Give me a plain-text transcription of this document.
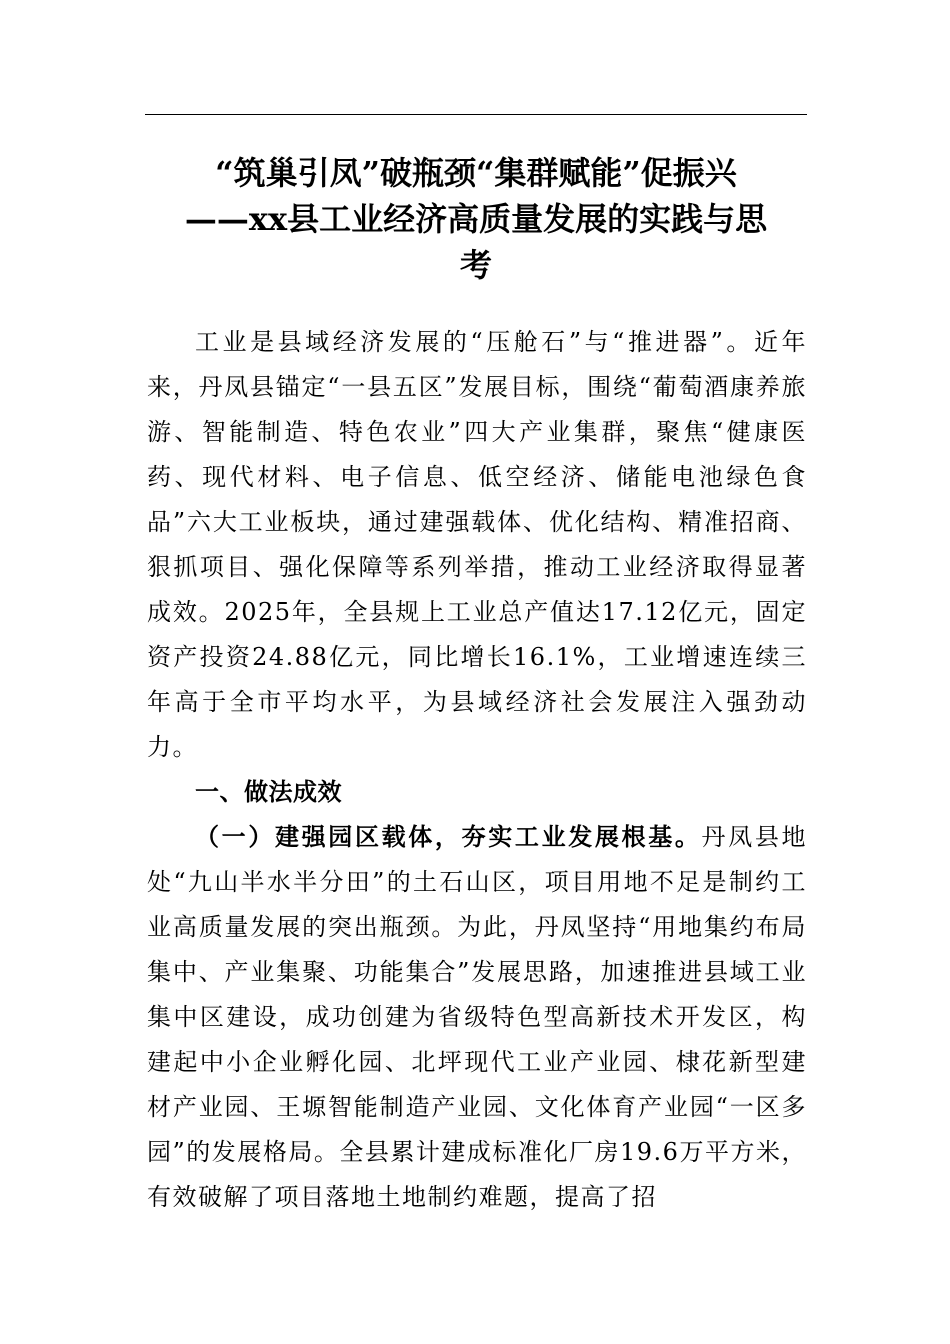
“筑巢引凤”破瓶颈“集群赋能”促振兴
——xx县工业经济高质量发展的实践与思
考

工业是县域经济发展的“压舱石”与“推进器”。近年来，丹凤县锚定“一县五区”发展目标，围绕“葡萄酒康养旅游、智能制造、特色农业”四大产业集群，聚焦“健康医药、现代材料、电子信息、低空经济、储能电池绿色食品”六大工业板块，通过建强载体、优化结构、精准招商、狠抓项目、强化保障等系列举措，推动工业经济取得显著成效。2025年，全县规上工业总产值达17.12亿元，固定资产投资24.88亿元，同比增长16.1%，工业增速连续三年高于全市平均水平，为县域经济社会发展注入强劲动力。

一、做法成效

（一）建强园区载体，夯实工业发展根基。丹凤县地处“九山半水半分田”的土石山区，项目用地不足是制约工业高质量发展的突出瓶颈。为此，丹凤坚持“用地集约布局集中、产业集聚、功能集合”发展思路，加速推进县域工业集中区建设，成功创建为省级特色型高新技术开发区，构建起中小企业孵化园、北坪现代工业产业园、棣花新型建材产业园、王塬智能制造产业园、文化体育产业园“一区多园”的发展格局。全县累计建成标准化厂房19.6万平方米，有效破解了项目落地土地制约难题，提高了招
